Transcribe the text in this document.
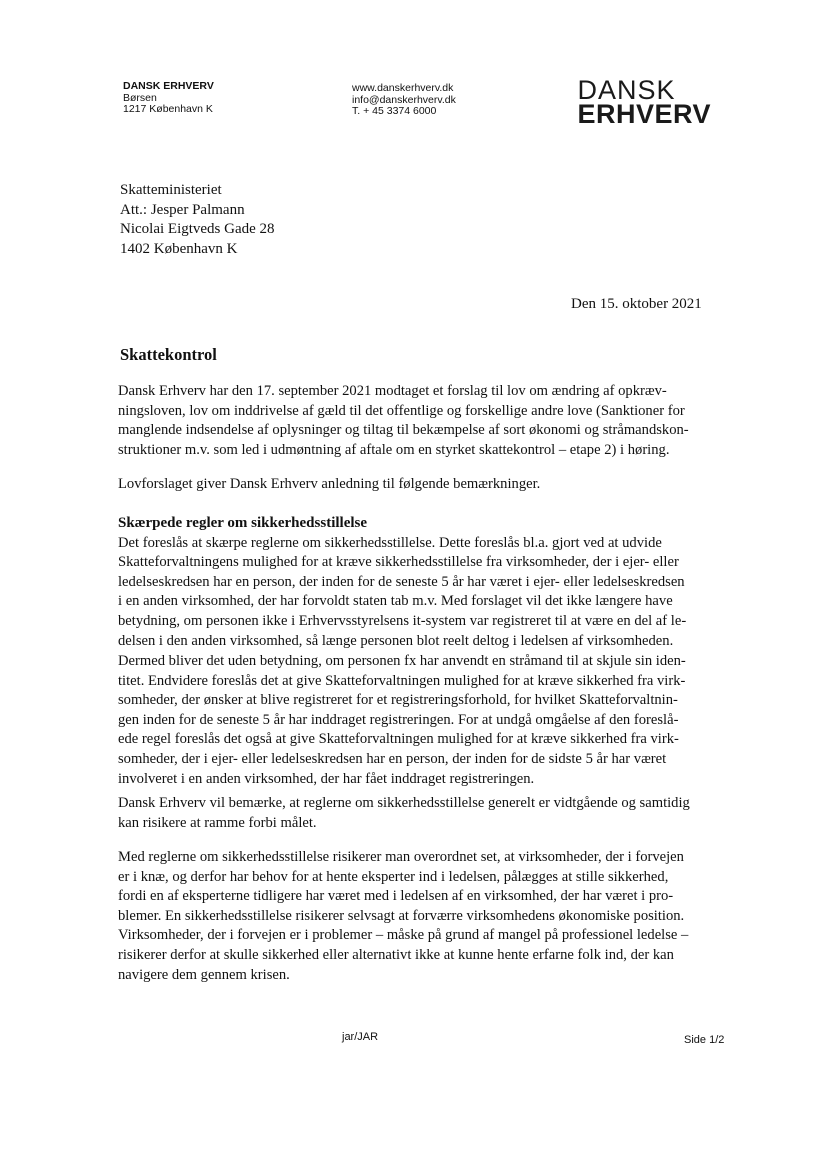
DANSK ERHVERV
Børsen
1217 København K
www.danskerhverv.dk
info@danskerhverv.dk
T. + 45 3374 6000
DANSK
ERHVERV
Skatteministeriet
Att.: Jesper Palmann
Nicolai Eigtveds Gade 28
1402 København K
Den 15. oktober 2021
Skattekontrol
Dansk Erhverv har den 17. september 2021 modtaget et forslag til lov om ændring af opkræv-
ningsloven, lov om inddrivelse af gæld til det offentlige og forskellige andre love (Sanktioner for
manglende indsendelse af oplysninger og tiltag til bekæmpelse af sort økonomi og stråmandskon-
struktioner m.v. som led i udmøntning af aftale om en styrket skattekontrol – etape 2) i høring.
Lovforslaget giver Dansk Erhverv anledning til følgende bemærkninger.
Skærpede regler om sikkerhedsstillelse
Det foreslås at skærpe reglerne om sikkerhedsstillelse. Dette foreslås bl.a. gjort ved at udvide
Skatteforvaltningens mulighed for at kræve sikkerhedsstillelse fra virksomheder, der i ejer- eller
ledelseskredsen har en person, der inden for de seneste 5 år har været i ejer- eller ledelseskredsen
i en anden virksomhed, der har forvoldt staten tab m.v. Med forslaget vil det ikke længere have
betydning, om personen ikke i Erhvervsstyrelsens it-system var registreret til at være en del af le-
delsen i den anden virksomhed, så længe personen blot reelt deltog i ledelsen af virksomheden.
Dermed bliver det uden betydning, om personen fx har anvendt en stråmand til at skjule sin iden-
titet. Endvidere foreslås det at give Skatteforvaltningen mulighed for at kræve sikkerhed fra virk-
somheder, der ønsker at blive registreret for et registreringsforhold, for hvilket Skatteforvaltnin-
gen inden for de seneste 5 år har inddraget registreringen. For at undgå omgåelse af den foreslå-
ede regel foreslås det også at give Skatteforvaltningen mulighed for at kræve sikkerhed fra virk-
somheder, der i ejer- eller ledelseskredsen har en person, der inden for de sidste 5 år har været
involveret i en anden virksomhed, der har fået inddraget registreringen.
Dansk Erhverv vil bemærke, at reglerne om sikkerhedsstillelse generelt er vidtgående og samtidig
kan risikere at ramme forbi målet.
Med reglerne om sikkerhedsstillelse risikerer man overordnet set, at virksomheder, der i forvejen
er i knæ, og derfor har behov for at hente eksperter ind i ledelsen, pålægges at stille sikkerhed,
fordi en af eksperterne tidligere har været med i ledelsen af en virksomhed, der har været i pro-
blemer. En sikkerhedsstillelse risikerer selvsagt at forværre virksomhedens økonomiske position.
Virksomheder, der i forvejen er i problemer – måske på grund af mangel på professionel ledelse –
risikerer derfor at skulle sikkerhed eller alternativt ikke at kunne hente erfarne folk ind, der kan
navigere dem gennem krisen.
jar/JAR	Side 1/2
